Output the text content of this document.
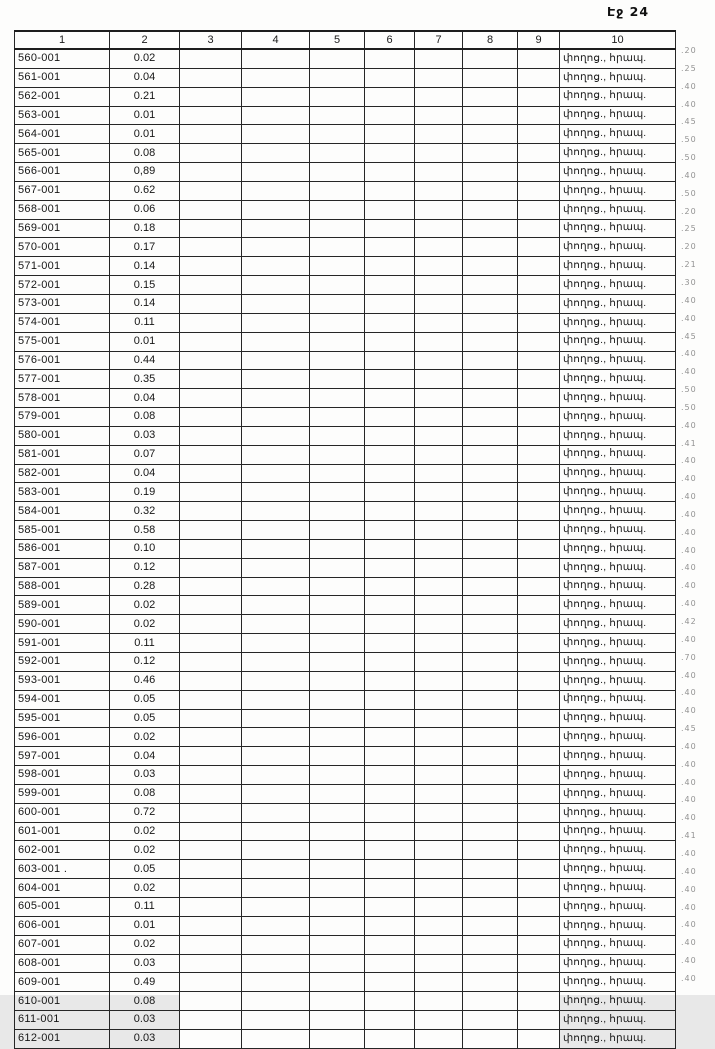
Էջ 24
1	2	3	4	5	6	7	8	9	10
560-001	0.02								փողոց., հրապ.
561-001	0.04								փողոց., հրապ.
562-001	0.21								փողոց., հրապ.
563-001	0.01								փողոց., հրապ.
564-001	0.01								փողոց., հրապ.
565-001	0.08								փողոց., հրապ.
566-001	0,89								փողոց., հրապ.
567-001	0.62								փողոց., հրապ.
568-001	0.06								փողոց., հրապ.
569-001	0.18								փողոց., հրապ.
570-001	0.17								փողոց., հրապ.
571-001	0.14								փողոց., հրապ.
572-001	0.15								փողոց., հրապ.
573-001	0.14								փողոց., հրապ.
574-001	0.11								փողոց., հրապ.
575-001	0.01								փողոց., հրապ.
576-001	0.44								փողոց., հրապ.
577-001	0.35								փողոց., հրապ.
578-001	0.04								փողոց., հրապ.
579-001	0.08								փողոց., հրապ.
580-001	0.03								փողոց., հրապ.
581-001	0.07								փողոց., հրապ.
582-001	0.04								փողոց., հրապ.
583-001	0.19								փողոց., հրապ.
584-001	0.32								փողոց., հրապ.
585-001	0.58								փողոց., հրապ.
586-001	0.10								փողոց., հրապ.
587-001	0.12								փողոց., հրապ.
588-001	0.28								փողոց., հրապ.
589-001	0.02								փողոց., հրապ.
590-001	0.02								փողոց., հրապ.
591-001	0.11								փողոց., հրապ.
592-001	0.12								փողոց., հրապ.
593-001	0.46								փողոց., հրապ.
594-001	0.05								փողոց., հրապ.
595-001	0.05								փողոց., հրապ.
596-001	0.02								փողոց., հրապ.
597-001	0.04								փողոց., հրապ.
598-001	0.03								փողոց., հրապ.
599-001	0.08								փողոց., հրապ.
600-001	0.72								փողոց., հրապ.
601-001	0.02								փողոց., հրապ.
602-001	0.02								փողոց., հրապ.
603-001 .	0.05								փողոց., հրապ.
604-001	0.02								փողոց., հրապ.
605-001	0.11								փողոց., հրապ.
606-001	0.01								փողոց., հրապ.
607-001	0.02								փողոց., հրապ.
608-001	0.03								փողոց., հրապ.
609-001	0.49								փողոց., հրապ.
610-001	0.08								փողոց., հրապ.
611-001	0.03								փողոց., հրապ.
612-001	0.03								փողոց., հրապ.
.20
.25
.40
.40
.45
.50
.50
.40
.50
.20
.25
.20
.21
.30
.40
.40
.45
.40
.40
.50
.50
.40
.41
.40
.40
.40
.40
.40
.40
.40
.40
.40
.42
.40
.70
.40
.40
.40
.45
.40
.40
.40
.40
.40
.41
.40
.40
.40
.40
.40
.40
.40
.40
